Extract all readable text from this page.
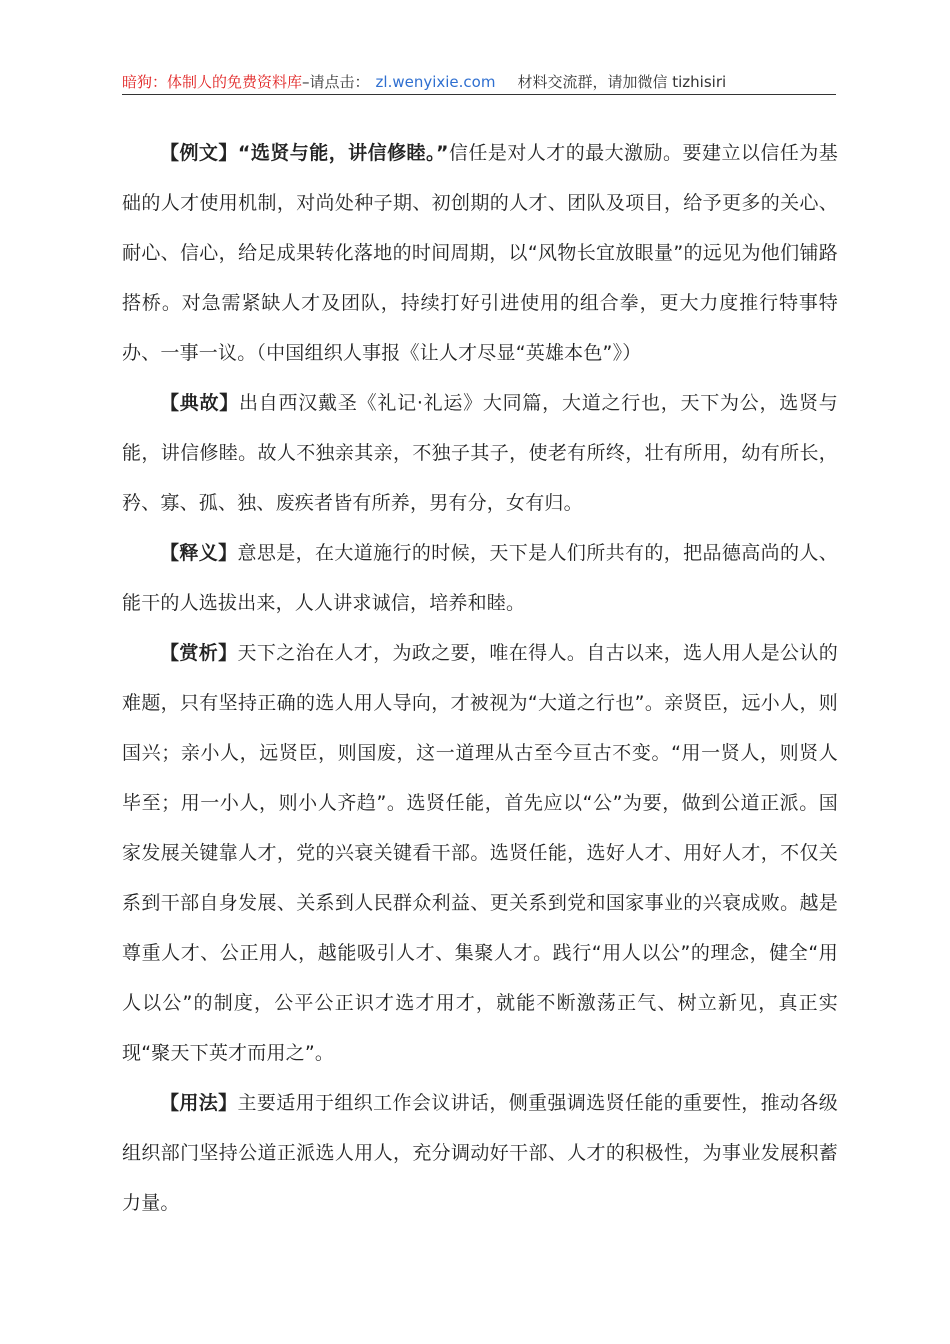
暗狗：体制人的免费资料库–请点击： zl.wenyixie.com 材料交流群，请加微信 tizhisiri

【例文】“选贤与能，讲信修睦。”信任是对人才的最大激励。要建立以信任为基础的人才使用机制，对尚处种子期、初创期的人才、团队及项目，给予更多的关心、耐心、信心，给足成果转化落地的时间周期，以“风物长宜放眼量”的远见为他们铺路搭桥。对急需紧缺人才及团队，持续打好引进使用的组合拳，更大力度推行特事特办、一事一议。（中国组织人事报《让人才尽显“英雄本色”》）

【典故】出自西汉戴圣《礼记·礼运》大同篇，大道之行也，天下为公，选贤与能，讲信修睦。故人不独亲其亲，不独子其子，使老有所终，壮有所用，幼有所长，矜、寡、孤、独、废疾者皆有所养，男有分，女有归。

【释义】意思是，在大道施行的时候，天下是人们所共有的，把品德高尚的人、能干的人选拔出来，人人讲求诚信，培养和睦。

【赏析】天下之治在人才，为政之要，唯在得人。自古以来，选人用人是公认的难题，只有坚持正确的选人用人导向，才被视为“大道之行也”。亲贤臣，远小人，则国兴；亲小人，远贤臣，则国废，这一道理从古至今亘古不变。“用一贤人，则贤人毕至；用一小人，则小人齐趋”。选贤任能，首先应以“公”为要，做到公道正派。国家发展关键靠人才，党的兴衰关键看干部。选贤任能，选好人才、用好人才，不仅关系到干部自身发展、关系到人民群众利益、更关系到党和国家事业的兴衰成败。越是尊重人才、公正用人，越能吸引人才、集聚人才。践行“用人以公”的理念，健全“用人以公”的制度，公平公正识才选才用才，就能不断激荡正气、树立新见，真正实现“聚天下英才而用之”。

【用法】主要适用于组织工作会议讲话，侧重强调选贤任能的重要性，推动各级组织部门坚持公道正派选人用人，充分调动好干部、人才的积极性，为事业发展积蓄力量。
